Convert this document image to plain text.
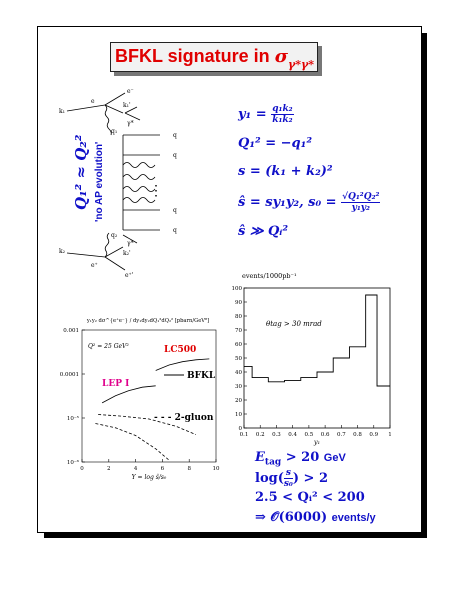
BFKL signature in $\sigma_{\gamma*\gamma*}$
k₁
e
e⁻
k₁'
γ*
q₁
k₂
e⁺
e⁺'
k₂'
γ*
q₂
q
q
q
q
⋮
Q₁² ≈ Q₂² 'no AP evolution'
$y_1 = \frac{\text{q₁k₂}}{\text{k₁k₂}}$
Q₁² = −q₁²
s = (k₁ + k₂)²
ŝ = sy₁y₂, $s_0 = \frac{\text{√Q₁²Q₂²}}{\text{y₁y₂}}$
ŝ ≫ Qᵢ²
events/1000pb⁻¹
0
10
20
30
40
50
60
70
80
90
100
0.1 0.2 0.3 0.4 0.5 0.6 0.7 0.8 0.9 1
θtag > 30 mrad
y₁
y₁y₂ dσ^{e⁺e⁻} / dy₁dy₂dQ₁²dQ₂² [pbarn/GeV⁸]
0.001
0.0001
10⁻⁵
10⁻⁶
0	2	4	6	8	10
Q² = 25 GeV²
Y = log ŝ/s₀
LC500
LEP I
BFKL
- - - 2-gluon
$E_{tag} > 20$ GeV
$\log( \frac{s}{\text{s₀}}$ ) > 2
2.5 < Qᵢ² < 200
⇒ 𝒪(6000) events/y
